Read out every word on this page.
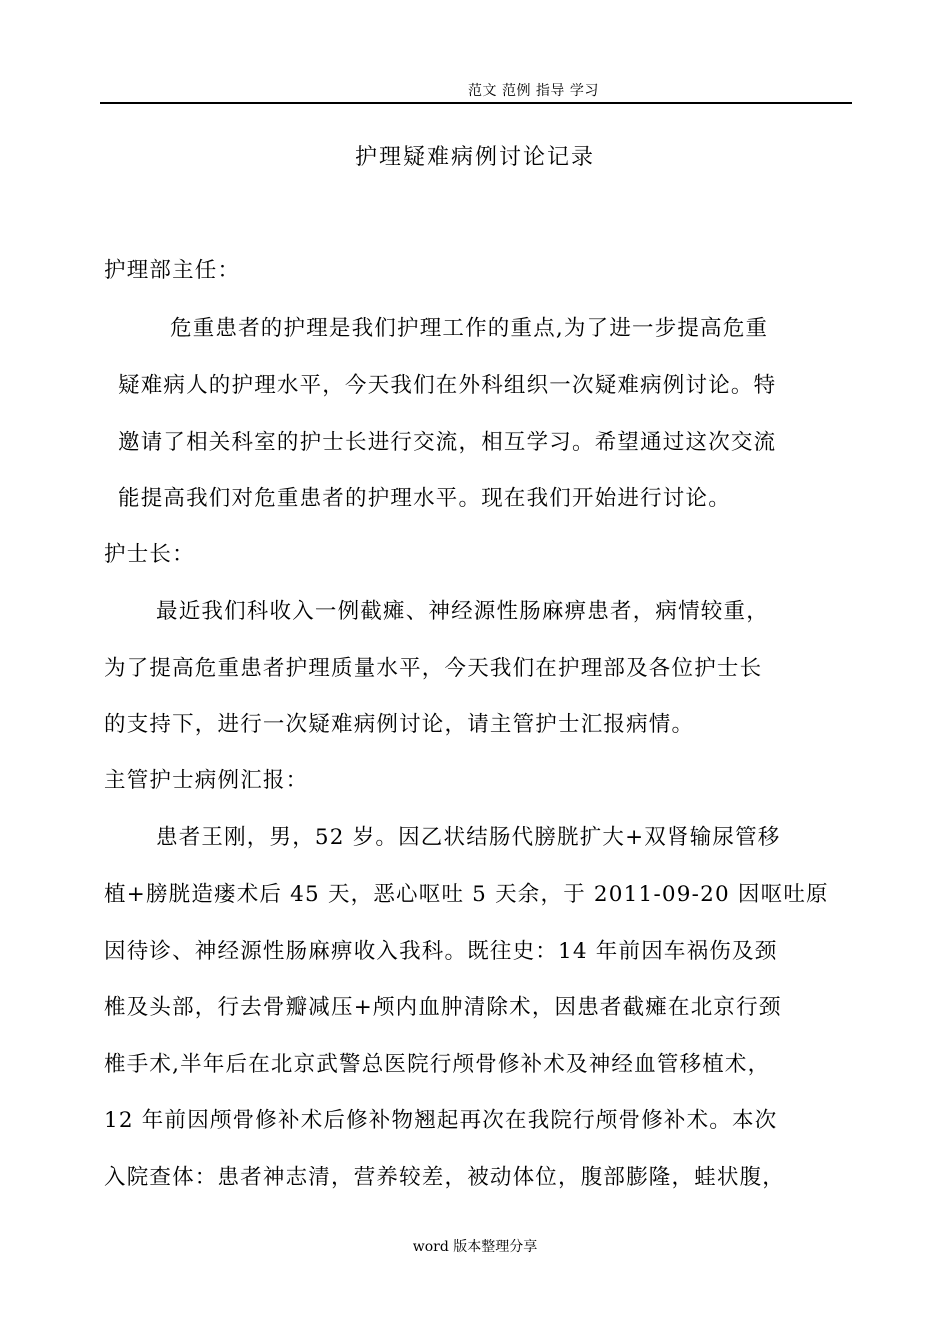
范文 范例 指导 学习
护理疑难病例讨论记录
护理部主任：
危重患者的护理是我们护理工作的重点,为了进一步提高危重
疑难病人的护理水平，今天我们在外科组织一次疑难病例讨论。特
邀请了相关科室的护士长进行交流，相互学习。希望通过这次交流
能提高我们对危重患者的护理水平。现在我们开始进行讨论。
护士长：
最近我们科收入一例截瘫、神经源性肠麻痹患者，病情较重，
为了提高危重患者护理质量水平，今天我们在护理部及各位护士长
的支持下，进行一次疑难病例讨论，请主管护士汇报病情。
主管护士病例汇报：
患者王刚，男，52 岁。因乙状结肠代膀胱扩大+双肾输尿管移
植+膀胱造瘘术后 45 天，恶心呕吐 5 天余，于 2011-09-20 因呕吐原
因待诊、神经源性肠麻痹收入我科。既往史：14 年前因车祸伤及颈
椎及头部，行去骨瓣减压+颅内血肿清除术，因患者截瘫在北京行颈
椎手术,半年后在北京武警总医院行颅骨修补术及神经血管移植术，
12 年前因颅骨修补术后修补物翘起再次在我院行颅骨修补术。本次
入院查体：患者神志清，营养较差，被动体位，腹部膨隆，蛙状腹，
word 版本整理分享
